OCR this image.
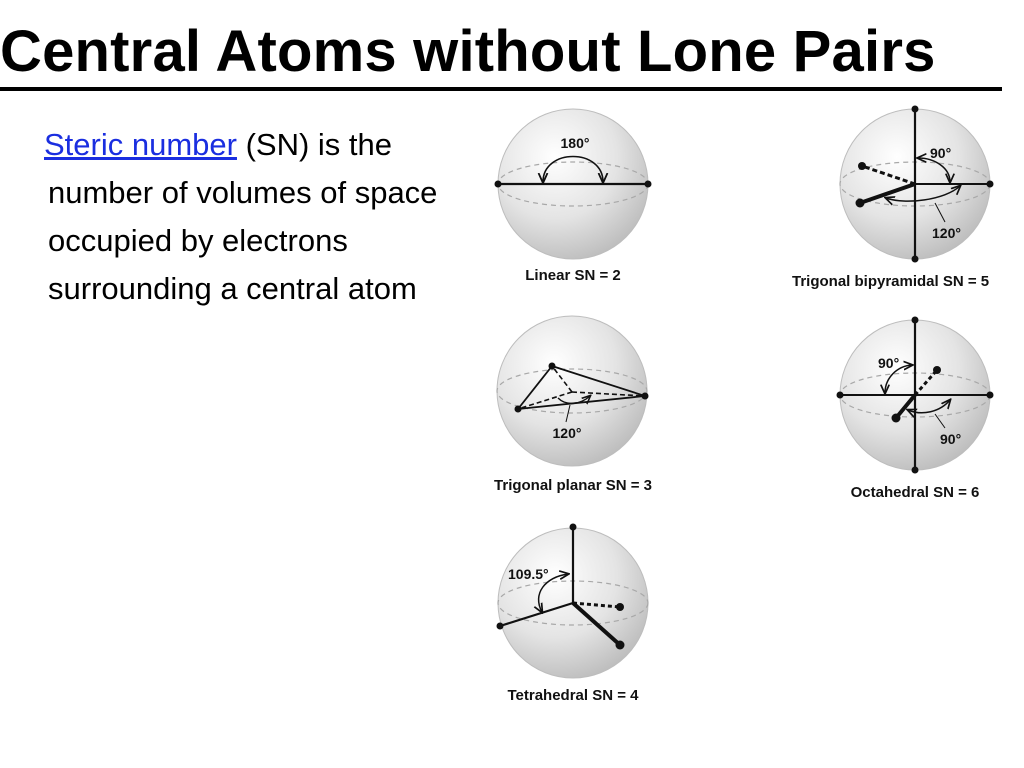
Central Atoms without Lone Pairs
Steric number (SN) is the number of volumes of space occupied by electrons surrounding a central atom
180°
Linear SN = 2
120°
Trigonal planar SN = 3
109.5°
Tetrahedral SN = 4
90°
120°
Trigonal bipyramidal SN = 5
90°
90°
Octahedral SN = 6
